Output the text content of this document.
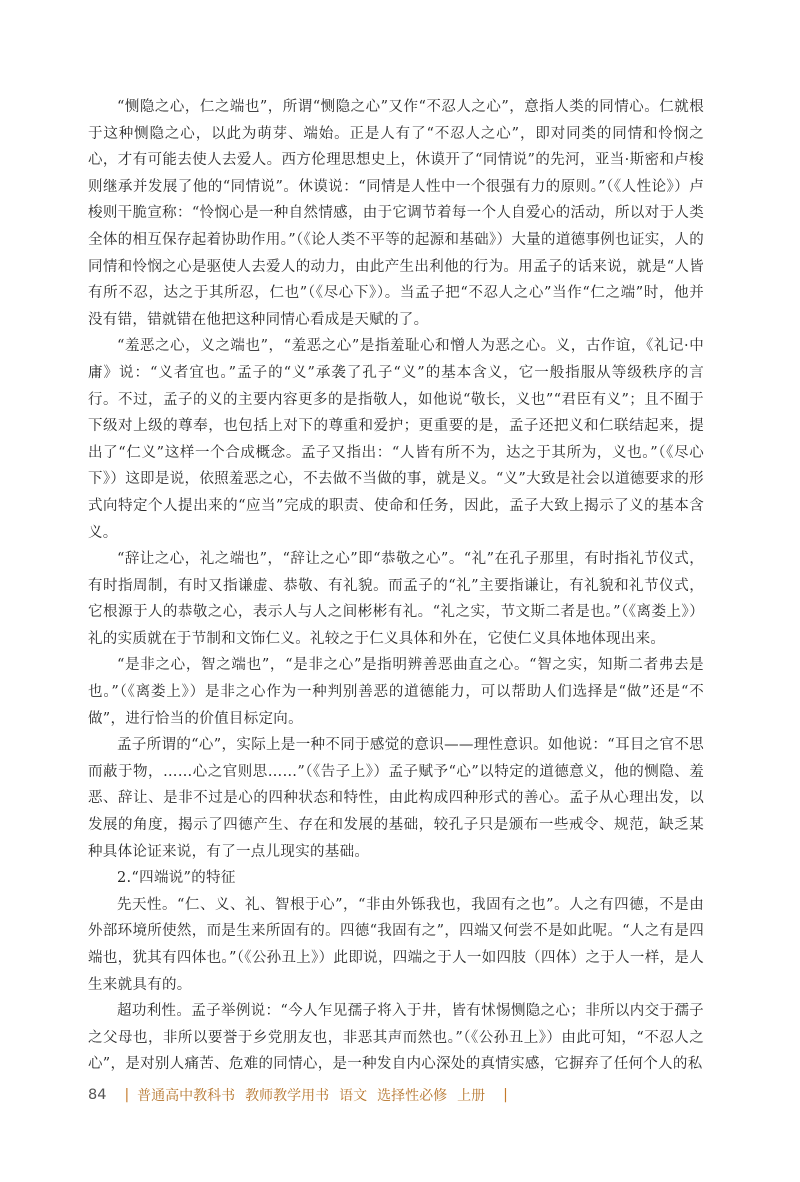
“恻隐之心，仁之端也”，所谓“恻隐之心”又作“不忍人之心”，意指人类的同情心。仁就根于这种恻隐之心，以此为萌芽、端始。正是人有了“不忍人之心”，即对同类的同情和怜悯之心，才有可能去使人去爱人。西方伦理思想史上，休谟开了“同情说”的先河，亚当·斯密和卢梭则继承并发展了他的“同情说”。休谟说：“同情是人性中一个很强有力的原则。”（《人性论》）卢梭则干脆宣称：“怜悯心是一种自然情感，由于它调节着每一个人自爱心的活动，所以对于人类全体的相互保存起着协助作用。”（《论人类不平等的起源和基础》）大量的道德事例也证实，人的同情和怜悯之心是驱使人去爱人的动力，由此产生出利他的行为。用孟子的话来说，就是“人皆有所不忍，达之于其所忍，仁也”（《尽心下》）。当孟子把“不忍人之心”当作“仁之端”时，他并没有错，错就错在他把这种同情心看成是天赋的了。

“羞恶之心，义之端也”，“羞恶之心”是指羞耻心和憎人为恶之心。义，古作谊，《礼记·中庸》说：“义者宜也。”孟子的“义”承袭了孔子“义”的基本含义，它一般指服从等级秩序的言行。不过，孟子的义的主要内容更多的是指敬人，如他说“敬长，义也”“君臣有义”；且不囿于下级对上级的尊奉，也包括上对下的尊重和爱护；更重要的是，孟子还把义和仁联结起来，提出了“仁义”这样一个合成概念。孟子又指出：“人皆有所不为，达之于其所为，义也。”（《尽心下》）这即是说，依照羞恶之心，不去做不当做的事，就是义。“义”大致是社会以道德要求的形式向特定个人提出来的“应当”完成的职责、使命和任务，因此，孟子大致上揭示了义的基本含义。

“辞让之心，礼之端也”，“辞让之心”即“恭敬之心”。“礼”在孔子那里，有时指礼节仪式，有时指周制，有时又指谦虚、恭敬、有礼貌。而孟子的“礼”主要指谦让，有礼貌和礼节仪式，它根源于人的恭敬之心，表示人与人之间彬彬有礼。“礼之实，节文斯二者是也。”（《离娄上》）礼的实质就在于节制和文饰仁义。礼较之于仁义具体和外在，它使仁义具体地体现出来。

“是非之心，智之端也”，“是非之心”是指明辨善恶曲直之心。“智之实，知斯二者弗去是也。”（《离娄上》）是非之心作为一种判别善恶的道德能力，可以帮助人们选择是“做”还是“不做”，进行恰当的价值目标定向。

孟子所谓的“心”，实际上是一种不同于感觉的意识——理性意识。如他说：“耳目之官不思而蔽于物，……心之官则思……”（《告子上》）孟子赋予“心”以特定的道德意义，他的恻隐、羞恶、辞让、是非不过是心的四种状态和特性，由此构成四种形式的善心。孟子从心理出发，以发展的角度，揭示了四德产生、存在和发展的基础，较孔子只是颁布一些戒令、规范，缺乏某种具体论证来说，有了一点儿现实的基础。

2.“四端说”的特征

先天性。“仁、义、礼、智根于心”，“非由外铄我也，我固有之也”。人之有四德，不是由外部环境所使然，而是生来所固有的。四德“我固有之”，四端又何尝不是如此呢。“人之有是四端也，犹其有四体也。”（《公孙丑上》）此即说，四端之于人一如四肢（四体）之于人一样，是人生来就具有的。

超功利性。孟子举例说：“今人乍见孺子将入于井，皆有怵惕恻隐之心；非所以内交于孺子之父母也，非所以要誉于乡党朋友也，非恶其声而然也。”（《公孙丑上》）由此可知，“不忍人之心”，是对别人痛苦、危难的同情心，是一种发自内心深处的真情实感，它摒弃了任何个人的私

84 | 普通高中教科书 教师教学用书 语文 选择性必修 上册 |
